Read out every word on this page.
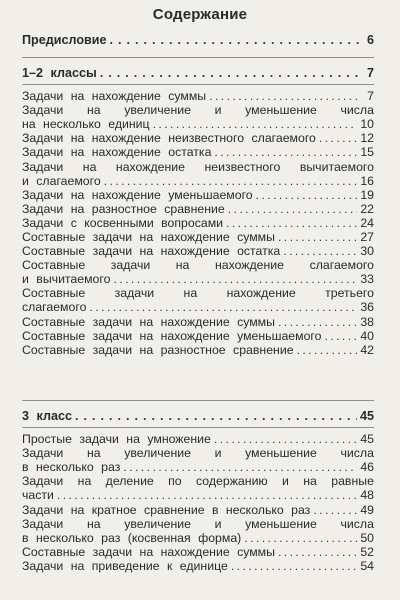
Содержание
Предисловие .....	6
1–2 классы .....	7
Задачи на нахождение суммы .....	7
Задачи на увеличение и уменьшение числа
на несколько единиц .....	10
Задачи на нахождение неизвестного слагаемого .....	12
Задачи на нахождение остатка .....	15
Задачи на нахождение неизвестного вычитаемого
и слагаемого .....	16
Задачи на нахождение уменьшаемого .....	19
Задачи на разностное сравнение .....	22
Задачи с косвенными вопросами .....	24
Составные задачи на нахождение суммы .....	27
Составные задачи на нахождение остатка .....	30
Составные задачи на нахождение слагаемого
и вычитаемого .....	33
Составные задачи на нахождение третьего
слагаемого .....	36
Составные задачи на нахождение суммы .....	38
Составные задачи на нахождение уменьшаемого .....	40
Составные задачи на разностное сравнение .....	42
3 класс .....	45
Простые задачи на умножение .....	45
Задачи на увеличение и уменьшение числа
в несколько раз .....	46
Задачи на деление по содержанию и на равные
части .....	48
Задачи на кратное сравнение в несколько раз .....	49
Задачи на увеличение и уменьшение числа
в несколько раз (косвенная форма) .....	50
Составные задачи на нахождение суммы .....	52
Задачи на приведение к единице .....	54
